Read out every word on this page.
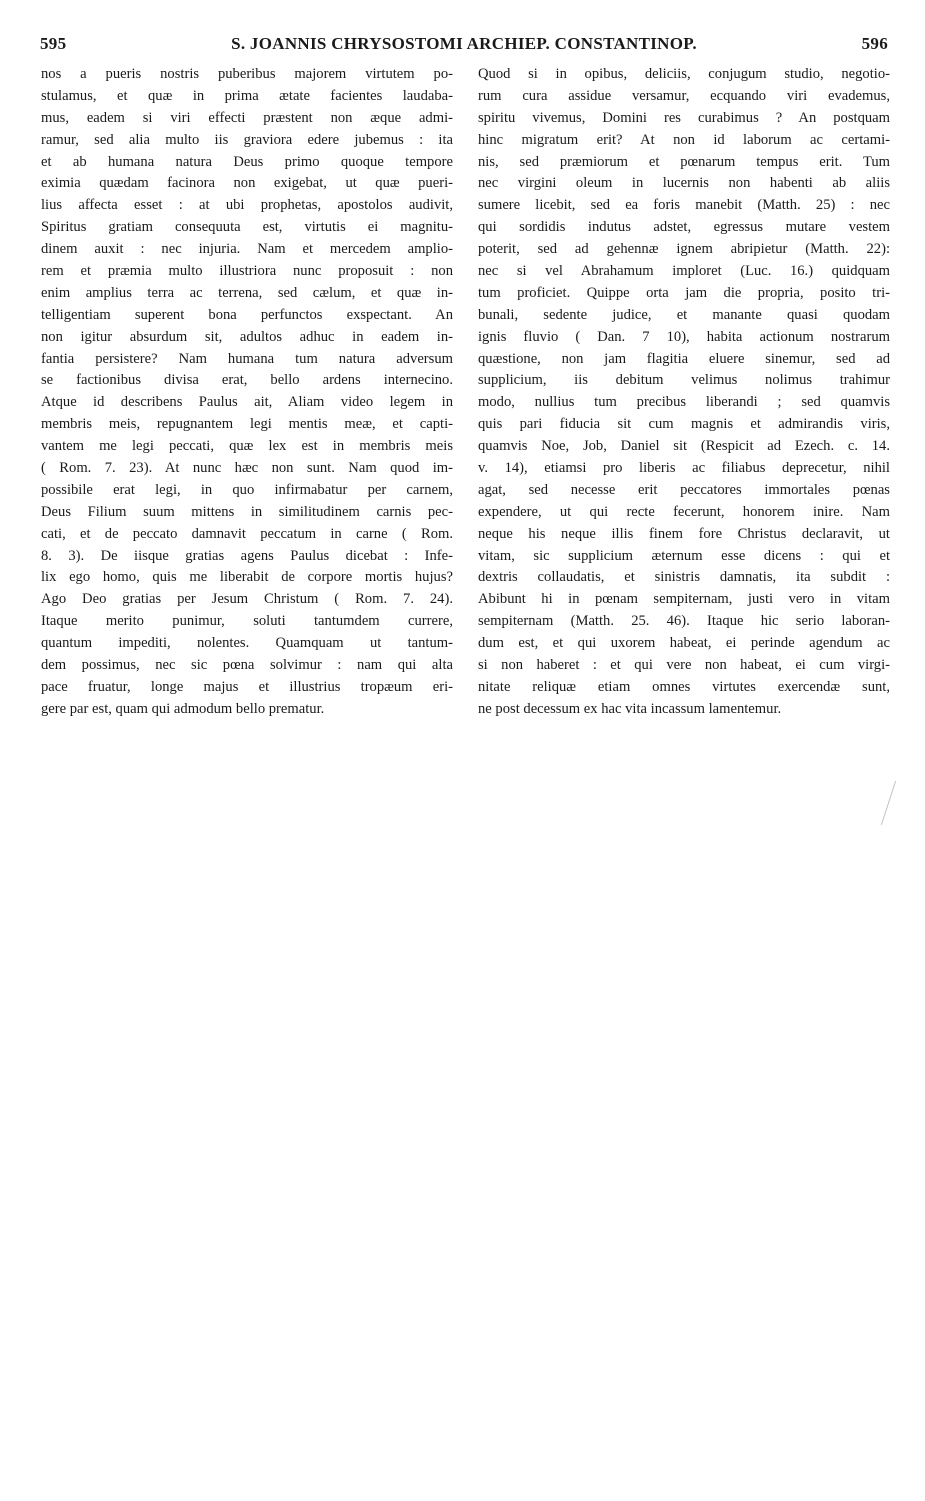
595	S. JOANNIS CHRYSOSTOMI ARCHIEP. CONSTANTINOP.	596
nos a pueris nostris puberibus majorem virtutem po-
stulamus, et quæ in prima ætate facientes laudaba-
mus, eadem si viri effecti præstent non æque admi-
ramur, sed alia multo iis graviora edere jubemus : ita
et ab humana natura Deus primo quoque tempore
eximia quædam facinora non exigebat, ut quæ pueri-
lius affecta esset : at ubi prophetas, apostolos audivit,
Spiritus gratiam consequuta est, virtutis ei magnitu-
dinem auxit : nec injuria. Nam et mercedem amplio-
rem et præmia multo illustriora nunc proposuit : non
enim amplius terra ac terrena, sed cælum, et quæ in-
telligentiam superent bona perfunctos exspectant. An
non igitur absurdum sit, adultos adhuc in eadem in-
fantia persistere? Nam humana tum natura adversum
se factionibus divisa erat, bello ardens internecino.
Atque id describens Paulus ait, Aliam video legem in
membris meis, repugnantem legi mentis meæ, et capti-
vantem me legi peccati, quæ lex est in membris meis
( Rom. 7. 23). At nunc hæc non sunt. Nam quod im-
possibile erat legi, in quo infirmabatur per carnem,
Deus Filium suum mittens in similitudinem carnis pec-
cati, et de peccato damnavit peccatum in carne ( Rom.
8. 3). De iisque gratias agens Paulus dicebat : Infe-
lix ego homo, quis me liberabit de corpore mortis hujus?
Ago Deo gratias per Jesum Christum ( Rom. 7. 24).
Itaque merito punimur, soluti tantumdem currere,
quantum impediti, nolentes. Quamquam ut tantum-
dem possimus, nec sic pœna solvimur : nam qui alta
pace fruatur, longe majus et illustrius tropæum eri-
gere par est, quam qui admodum bello prematur.
Quod si in opibus, deliciis, conjugum studio, negotio-
rum cura assidue versamur, ecquando viri evademus,
spiritu vivemus, Domini res curabimus ? An postquam
hinc migratum erit? At non id laborum ac certami-
nis, sed præmiorum et pœnarum tempus erit. Tum
nec virgini oleum in lucernis non habenti ab aliis
sumere licebit, sed ea foris manebit (Matth. 25) : nec
qui sordidis indutus adstet, egressus mutare vestem
poterit, sed ad gehennæ ignem abripietur (Matth. 22):
nec si vel Abrahamum imploret (Luc. 16.) quidquam
tum proficiet. Quippe orta jam die propria, posito tri-
bunali, sedente judice, et manante quasi quodam
ignis fluvio ( Dan. 7 10), habita actionum nostrarum
quæstione, non jam flagitia eluere sinemur, sed ad
supplicium, iis debitum velimus nolimus trahimur
modo, nullius tum precibus liberandi ; sed quamvis
quis pari fiducia sit cum magnis et admirandis viris,
quamvis Noe, Job, Daniel sit (Respicit ad Ezech. c. 14.
v. 14), etiamsi pro liberis ac filiabus deprecetur, nihil
agat, sed necesse erit peccatores immortales pœnas
expendere, ut qui recte fecerunt, honorem inire. Nam
neque his neque illis finem fore Christus declaravit, ut
vitam, sic supplicium æternum esse dicens : qui et
dextris collaudatis, et sinistris damnatis, ita subdit :
Abibunt hi in pœnam sempiternam, justi vero in vitam
sempiternam (Matth. 25. 46). Itaque hic serio laboran-
dum est, et qui uxorem habeat, ei perinde agendum ac
si non haberet : et qui vere non habeat, ei cum virgi-
nitate reliquæ etiam omnes virtutes exercendæ sunt,
ne post decessum ex hac vita incassum lamentemur.
